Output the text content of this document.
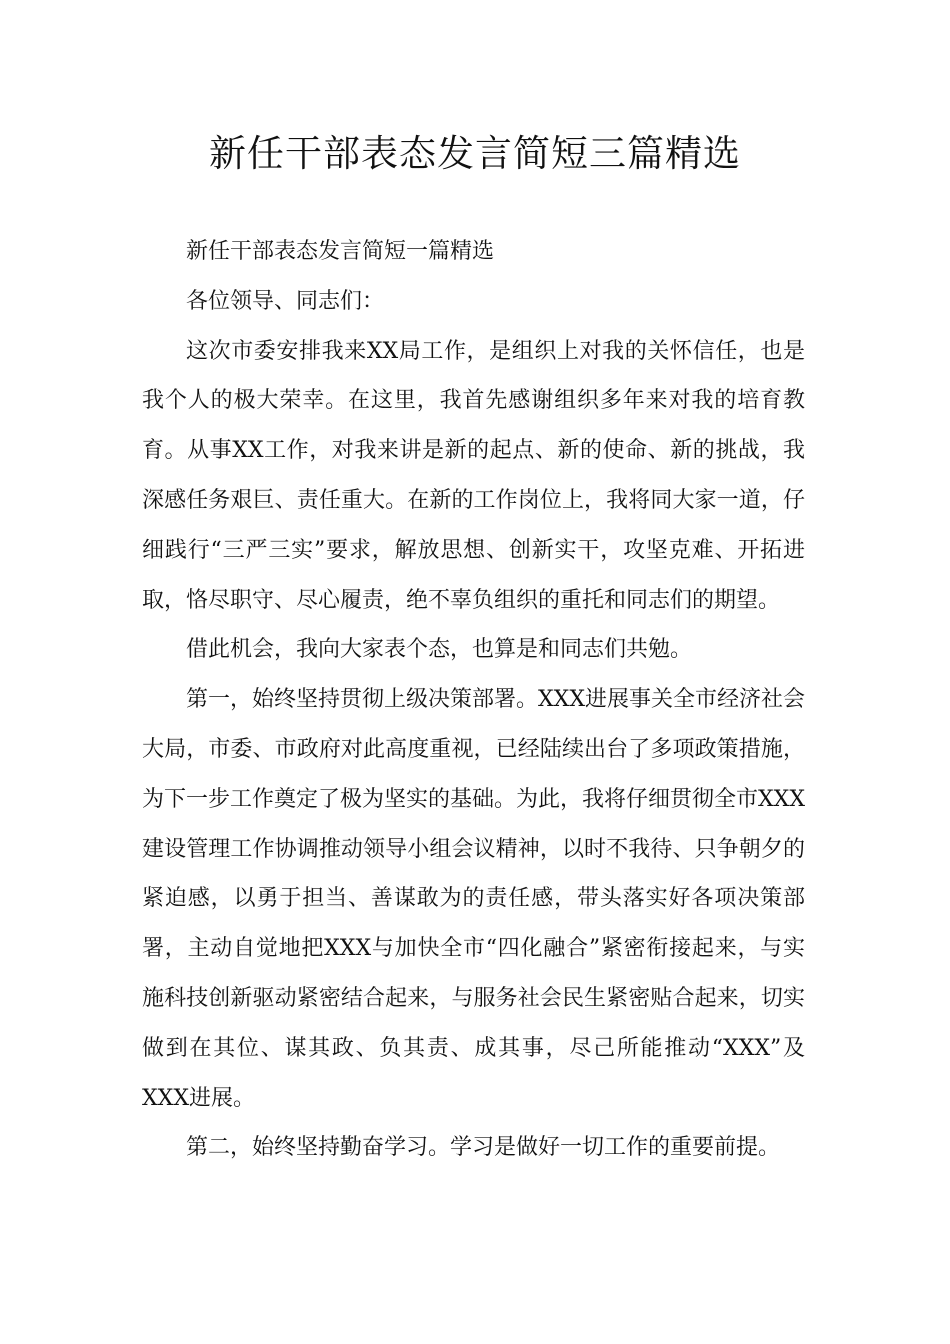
新任干部表态发言简短三篇精选

新任干部表态发言简短一篇精选

各位领导、同志们：

这次市委安排我来XX局工作，是组织上对我的关怀信任，也是我个人的极大荣幸。在这里，我首先感谢组织多年来对我的培育教育。从事XX工作，对我来讲是新的起点、新的使命、新的挑战，我深感任务艰巨、责任重大。在新的工作岗位上，我将同大家一道，仔细践行“三严三实”要求，解放思想、创新实干，攻坚克难、开拓进取，恪尽职守、尽心履责，绝不辜负组织的重托和同志们的期望。

借此机会，我向大家表个态，也算是和同志们共勉。

第一，始终坚持贯彻上级决策部署。XXX进展事关全市经济社会大局，市委、市政府对此高度重视，已经陆续出台了多项政策措施，为下一步工作奠定了极为坚实的基础。为此，我将仔细贯彻全市XXX建设管理工作协调推动领导小组会议精神，以时不我待、只争朝夕的紧迫感，以勇于担当、善谋敢为的责任感，带头落实好各项决策部署，主动自觉地把XXX与加快全市“四化融合”紧密衔接起来，与实施科技创新驱动紧密结合起来，与服务社会民生紧密贴合起来，切实做到在其位、谋其政、负其责、成其事，尽己所能推动“XXX”及XXX进展。

第二，始终坚持勤奋学习。学习是做好一切工作的重要前提。
